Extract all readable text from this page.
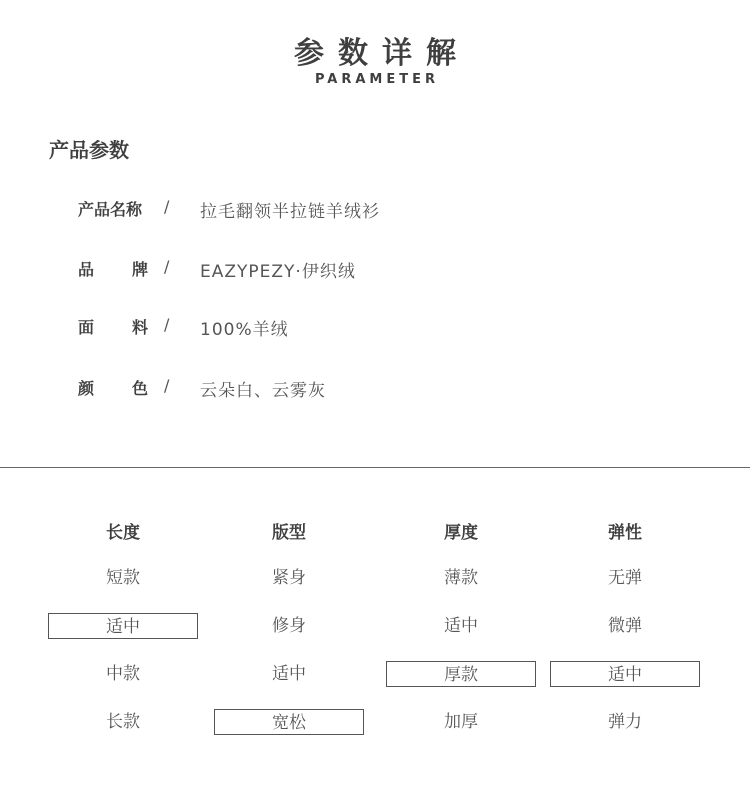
参数详解
PARAMETER
产品参数
产品名称 / 拉毛翻领半拉链羊绒衫
品 牌 / EAZYPEZY·伊织绒
面 料 / 100%羊绒
颜 色 / 云朵白、云雾灰
长度
短款
适中
中款
长款
版型
紧身
修身
适中
宽松
厚度
薄款
适中
厚款
加厚
弹性
无弹
微弹
适中
弹力
